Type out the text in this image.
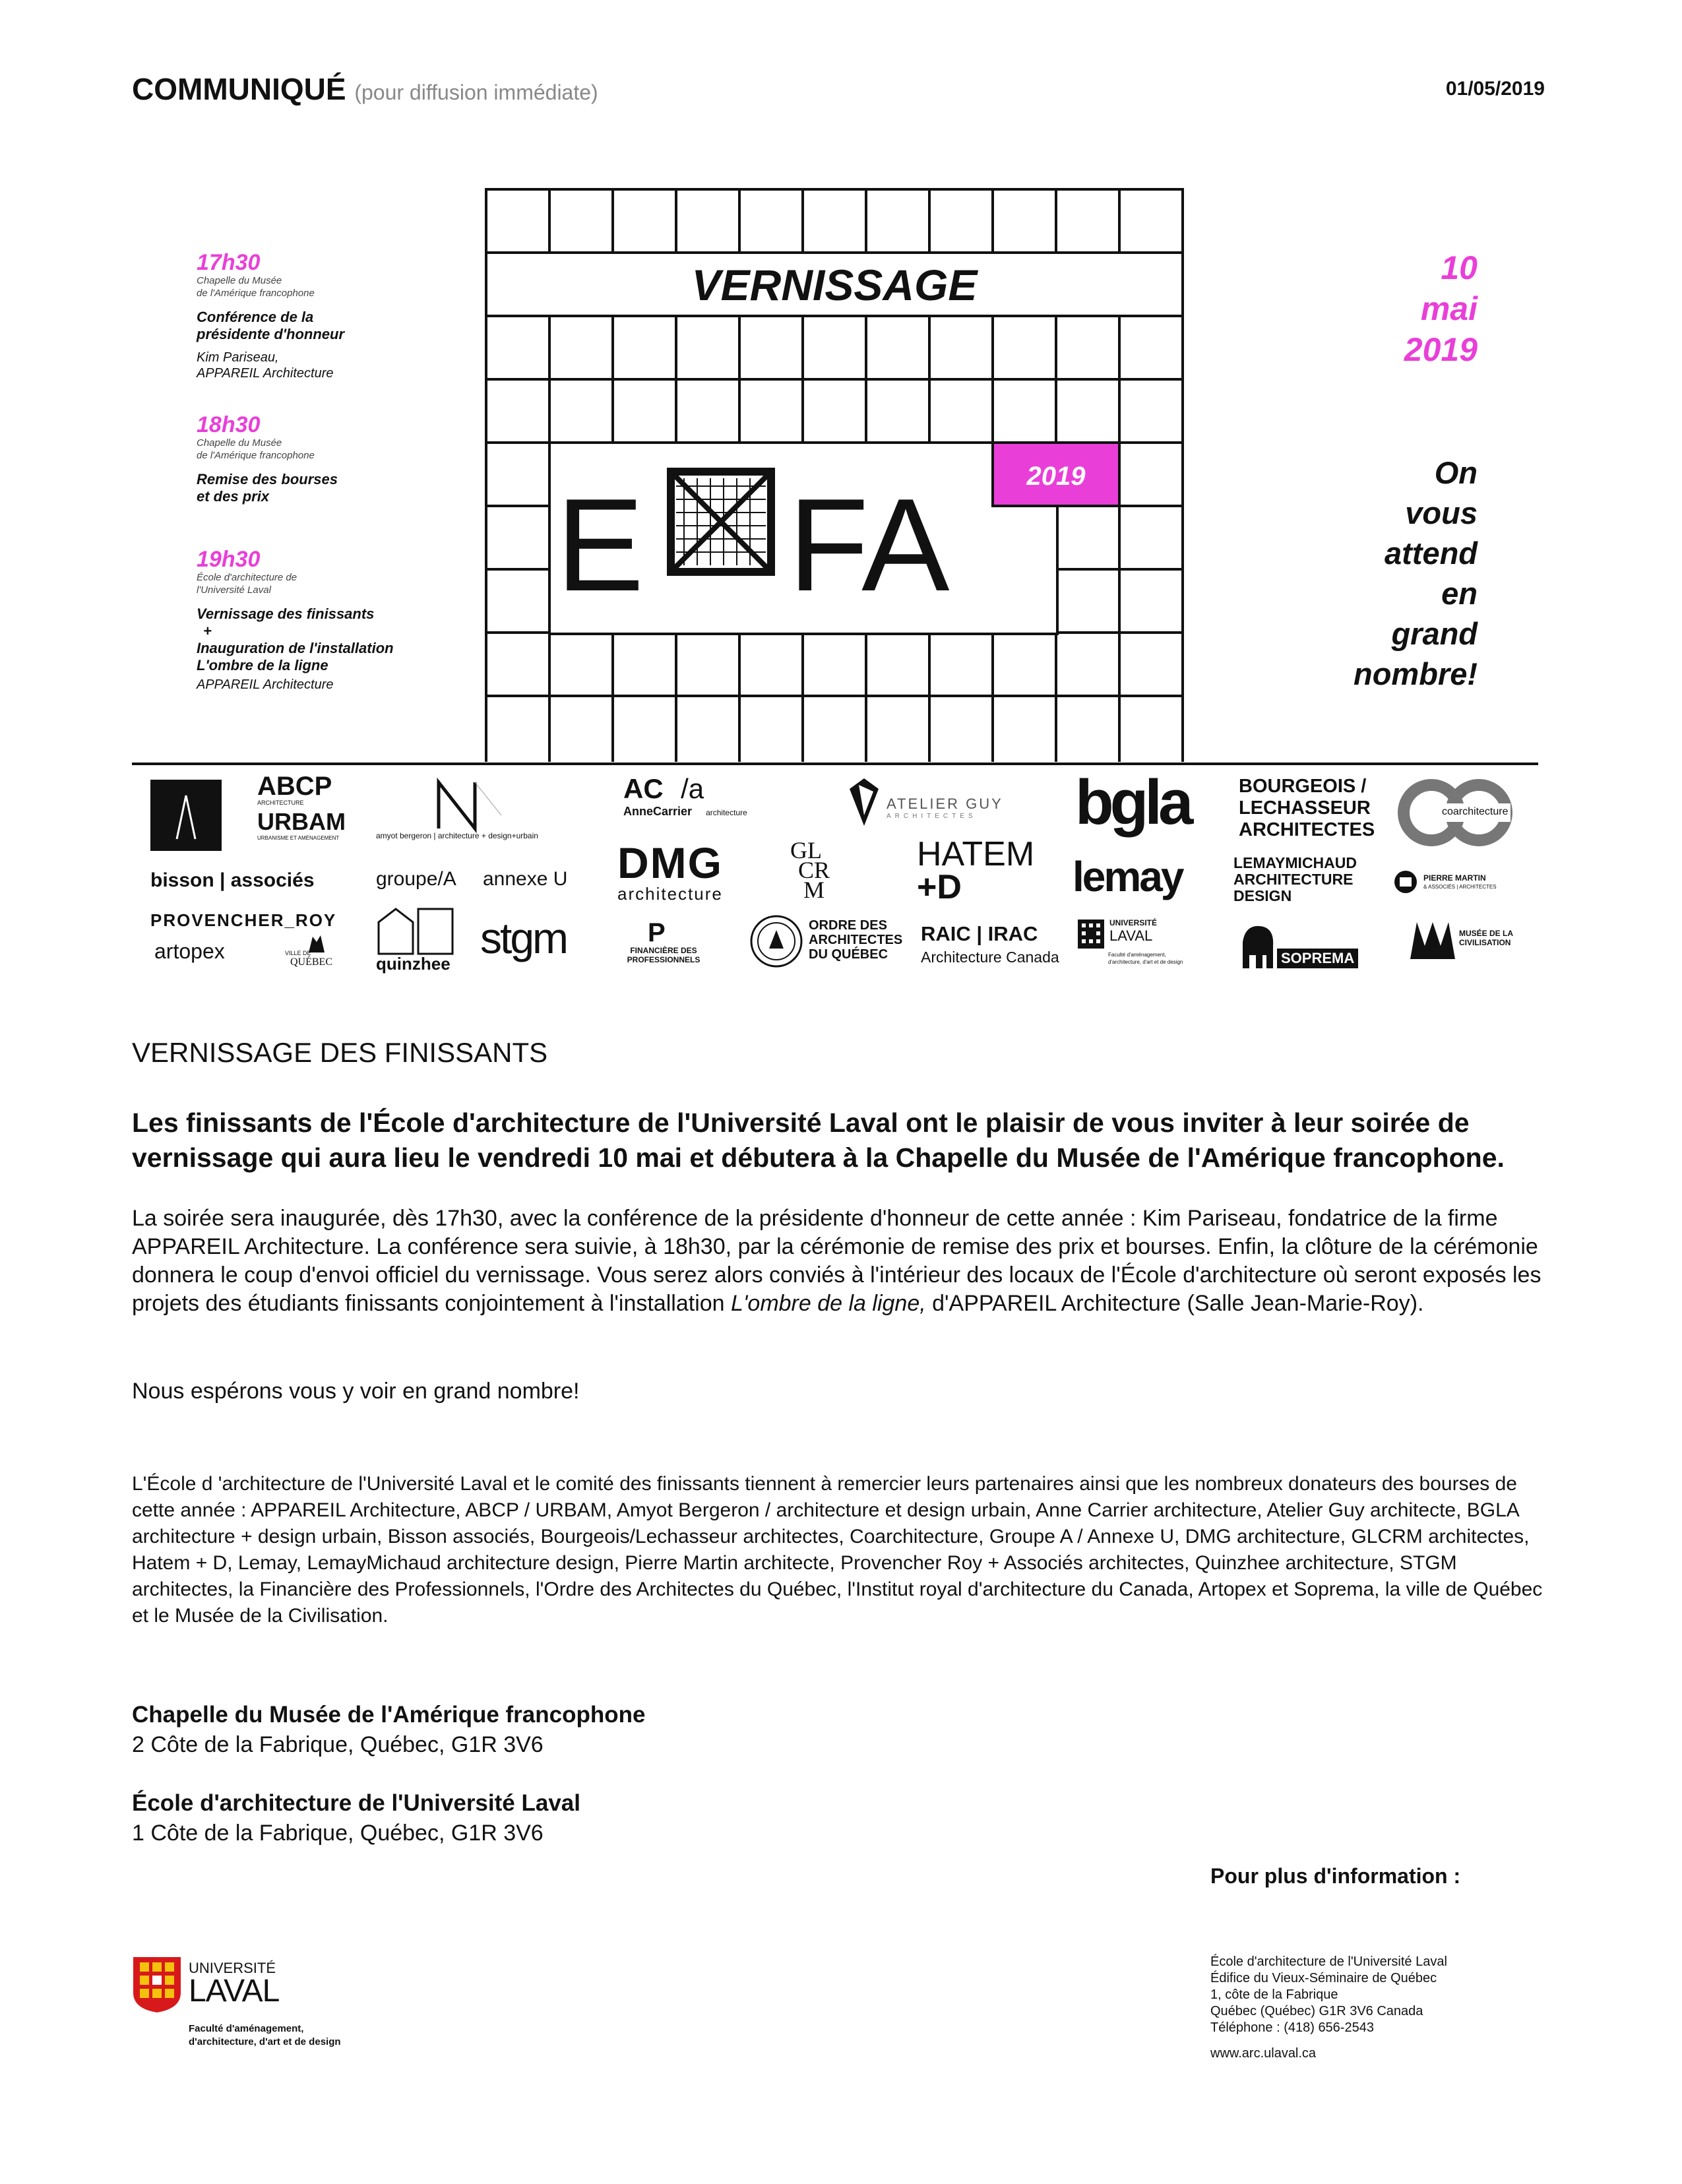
COMMUNIQUÉ (pour diffusion immédiate)	01/05/2019
17h30
Chapelle du Musée
de l'Amérique francophone
Conférence de la
présidente d'honneur
Kim Pariseau,
APPAREIL Architecture
18h30
Chapelle du Musée
de l'Amérique francophone
Remise des bourses
et des prix
19h30
École d'architecture de
l'Université Laval
Vernissage des finissants
+
Inauguration de l'installation
L'ombre de la ligne
APPAREIL Architecture
VERNISSAGE
2019
E FA
10
mai
2019
On
vous
attend
en
grand
nombre!
ABCP
ARCHITECTURE
URBAM
URBANISME ET AMÉNAGEMENT	amyot bergeron | architecture + design+urbain
AC /a
AnneCarrier architecture
ATELIER GUY
ARCHITECTES bgla	BOURGEOIS /
LECHASSEUR
ARCHITECTES
coarchitecture
bisson | associés	groupe/A annexe U DMG
architecture
GL
CR
M
HATEM
+D	lemay	LEMAYMICHAUD
ARCHITECTURE
DESIGN
PIERRE MARTIN
& ASSOCIÉS | ARCHITECTES
PROVENCHER_ROY
artopex	VILLE DE
QUÉBEC	quinzhee
stgm	P
FINANCIÈRE DES
PROFESSIONNELS
ORDRE DES
ARCHITECTES
DU QUÉBEC
RAIC | IRAC
Architecture Canada
UNIVERSITÉ
LAVAL
Faculté d'aménagement, d'architecture, d'art et de design	SOPREMA
MUSÉE DE LA
CIVILISATION
VERNISSAGE DES FINISSANTS
Les finissants de l'École d'architecture de l'Université Laval ont le plaisir de vous inviter à leur soirée de vernissage qui aura lieu le vendredi 10 mai et débutera à la Chapelle du Musée de l'Amérique francophone.
La soirée sera inaugurée, dès 17h30, avec la conférence de la présidente d'honneur de cette année : Kim Pariseau, fondatrice de la firme APPAREIL Architecture. La conférence sera suivie, à 18h30, par la cérémonie de remise des prix et bourses. Enfin, la clôture de la cérémonie donnera le coup d'envoi officiel du vernissage. Vous serez alors conviés à l'intérieur des locaux de l'École d'architecture où seront exposés les projets des étudiants finissants conjointement à l'installation L'ombre de la ligne, d'APPAREIL Architecture (Salle Jean-Marie-Roy).
Nous espérons vous y voir en grand nombre!
L'École d 'architecture de l'Université Laval et le comité des finissants tiennent à remercier leurs partenaires ainsi que les nombreux donateurs des bourses de cette année : APPAREIL Architecture, ABCP / URBAM, Amyot Bergeron / architecture et design urbain, Anne Carrier architecture, Atelier Guy architecte, BGLA architecture + design urbain, Bisson associés, Bourgeois/Lechasseur architectes, Coarchitecture, Groupe A / Annexe U, DMG architecture, GLCRM architectes, Hatem + D, Lemay, LemayMichaud architecture design, Pierre Martin architecte, Provencher Roy + Associés architectes, Quinzhee architecture, STGM architectes, la Financière des Professionnels, l'Ordre des Architectes du Québec, l'Institut royal d'architecture du Canada, Artopex et Soprema, la ville de Québec et le Musée de la Civilisation.
Chapelle du Musée de l'Amérique francophone
2 Côte de la Fabrique, Québec, G1R 3V6
École d'architecture de l'Université Laval
1 Côte de la Fabrique, Québec, G1R 3V6
Pour plus d'information :
École d'architecture de l'Université Laval
Édifice du Vieux-Séminaire de Québec
1, côte de la Fabrique
Québec (Québec) G1R 3V6 Canada
Téléphone : (418) 656-2543
www.arc.ulaval.ca
UNIVERSITÉ
LAVAL
Faculté d'aménagement,
d'architecture, d'art et de design
